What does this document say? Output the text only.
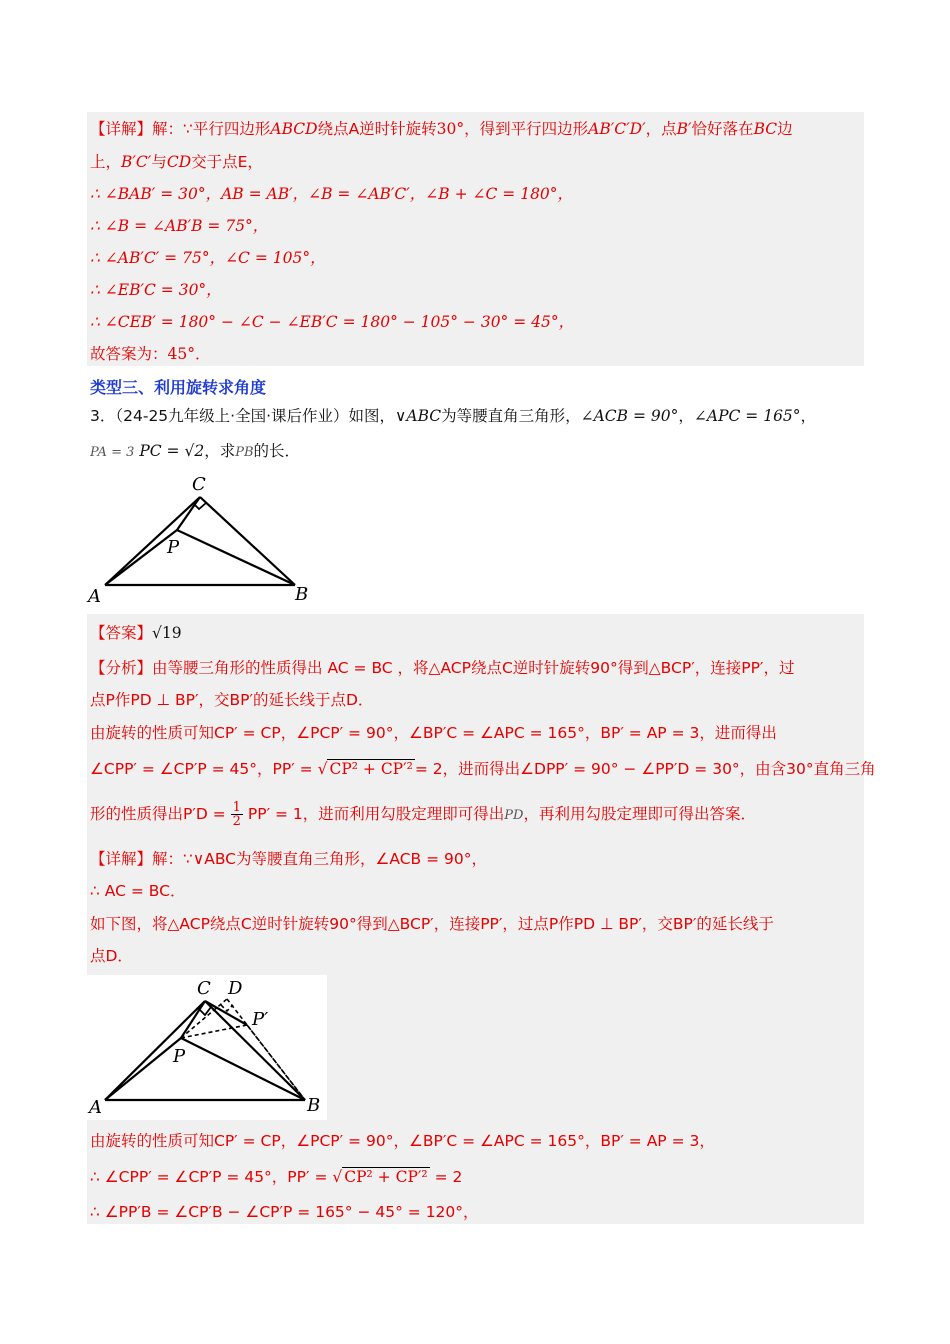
【详解】解：∵平行四边形ABCD绕点A逆时针旋转30°，得到平行四边形AB′C′D′，点B′恰好落在BC边
上，B′C′与CD交于点E，
∴ ∠BAB′ = 30°，AB = AB′，∠B = ∠AB′C′，∠B + ∠C = 180°，
∴ ∠B = ∠AB′B = 75°，
∴ ∠AB′C′ = 75°，∠C = 105°，
∴ ∠EB′C = 30°，
∴ ∠CEB′ = 180° − ∠C − ∠EB′C = 180° − 105° − 30° = 45°，
故答案为：45°．
类型三、利用旋转求角度
3．（24-25九年级上·全国·课后作业）如图，∨ABC为等腰直角三角形，∠ACB = 90°，∠APC = 165°，
PA = 3 PC = √2，求PB的长．
C
P
A	B
【答案】√19
【分析】由等腰三角形的性质得出 AC = BC ，将△ACP绕点C逆时针旋转90°得到△BCP′，连接PP′，过
点P作PD ⊥ BP′，交BP′的延长线于点D．
由旋转的性质可知CP′ = CP，∠PCP′ = 90°，∠BP′C = ∠APC = 165°，BP′ = AP = 3，进而得出
∠CPP′ = ∠CP′P = 45°，PP′ = √ CP² + CP′² = 2，进而得出∠DPP′ = 90° − ∠PP′D = 30°，由含30°直角三角
形的性质得出$P'D = \frac{1}{2} PP' = 1$，进而利用勾股定理即可得出PD，再利用勾股定理即可得出答案．
【详解】解：∵∨ABC为等腰直角三角形，∠ACB = 90°，
∴ AC = BC．
如下图，将△ACP绕点C逆时针旋转90°得到△BCP′，连接PP′，过点P作PD ⊥ BP′，交BP′的延长线于
点D．
C D
P′
P
A	B
由旋转的性质可知CP′ = CP，∠PCP′ = 90°，∠BP′C = ∠APC = 165°，BP′ = AP = 3，
∴ ∠CPP′ = ∠CP′P = 45°，PP′ = √ CP² + CP′² = 2
∴ ∠PP′B = ∠CP′B − ∠CP′P = 165° − 45° = 120°，
